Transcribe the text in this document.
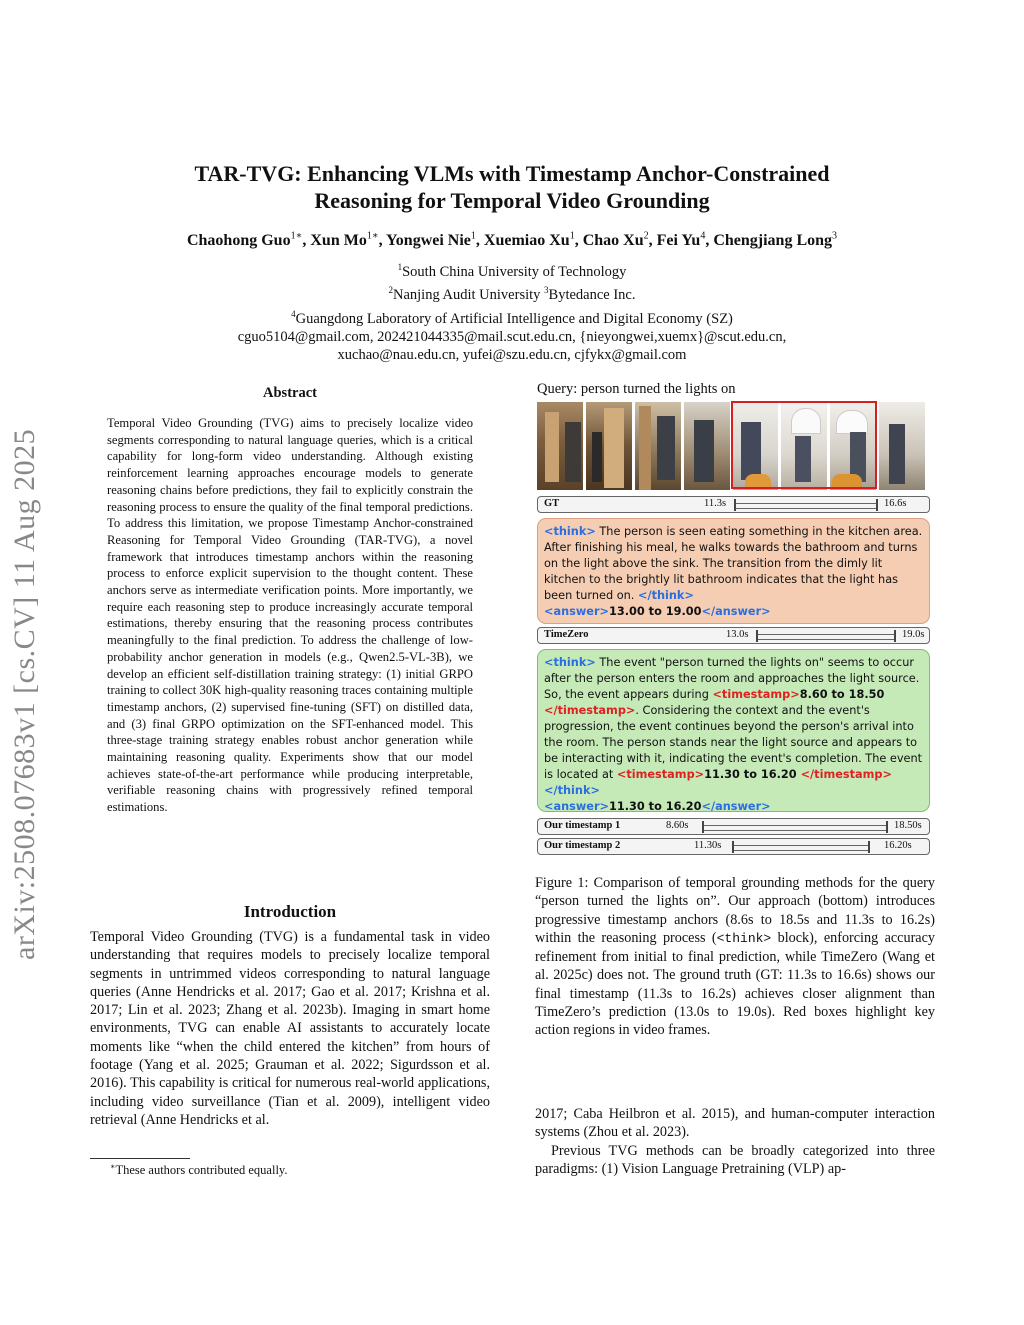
arXiv:2508.07683v1 [cs.CV] 11 Aug 2025
TAR-TVG: Enhancing VLMs with Timestamp Anchor-Constrained
Reasoning for Temporal Video Grounding
Chaohong Guo$^{1∗}$, Xun $Mo^{1∗}$, Yongwei Nie$^1$, Xuemiao Xu$^1$, Chao Xu$^2$, Fei Yu$^4$, Chengjiang Long$^3$
$^1$South China University of Technology
$^2$Nanjing Audit University $^3$Bytedance Inc.
$^4$Guangdong Laboratory of Artificial Intelligence and Digital Economy (SZ)
cguo5104@gmail.com, 202421044335@mail.scut.edu.cn, {nieyongwei,xuemx}@scut.edu.cn,
xuchao@nau.edu.cn, yufei@szu.edu.cn, cjfykx@gmail.com
Abstract
Temporal Video Grounding (TVG) aims to precisely localize video segments corresponding to natural language queries, which is a critical capability for long-form video understanding. Although existing reinforcement learning approaches encourage models to generate reasoning chains before predictions, they fail to explicitly constrain the reasoning process to ensure the quality of the final temporal predictions. To address this limitation, we propose Timestamp Anchor-constrained Reasoning for Temporal Video Grounding (TAR-TVG), a novel framework that introduces timestamp anchors within the reasoning process to enforce explicit supervision to the thought content. These anchors serve as intermediate verification points. More importantly, we require each reasoning step to produce increasingly accurate temporal estimations, thereby ensuring that the reasoning process contributes meaningfully to the final prediction. To address the challenge of low-probability anchor generation in models (e.g., Qwen2.5-VL-3B), we develop an efficient self-distillation training strategy: (1) initial GRPO training to collect 30K high-quality reasoning traces containing multiple timestamp anchors, (2) supervised fine-tuning (SFT) on distilled data, and (3) final GRPO optimization on the SFT-enhanced model. This three-stage training strategy enables robust anchor generation while maintaining reasoning quality. Experiments show that our model achieves state-of-the-art performance while producing interpretable, verifiable reasoning chains with progressively refined temporal estimations.
Introduction
Temporal Video Grounding (TVG) is a fundamental task in video understanding that requires models to precisely localize temporal segments in untrimmed videos corresponding to natural language queries (Anne Hendricks et al. 2017; Gao et al. 2017; Krishna et al. 2017; Lin et al. 2023; Zhang et al. 2023b). Imaging in smart home environments, TVG can enable AI assistants to accurately locate moments like “when the child entered the kitchen” from hours of footage (Yang et al. 2025; Grauman et al. 2022; Sigurdsson et al. 2016). This capability is critical for numerous real-world applications, including video surveillance (Tian et al. 2009), intelligent video retrieval (Anne Hendricks et al.
∗These authors contributed equally.
Query: person turned the lights on
GT	11.3s	16.6s
<think> The person is seen eating something in the kitchen area. After finishing his meal, he walks towards the bathroom and turns on the light above the sink. The transition from the dimly lit kitchen to the brightly lit bathroom indicates that the light has been turned on. </think>
<answer>13.00 to 19.00</answer>
TimeZero	13.0s	19.0s
<think> The event "person turned the lights on" seems to occur after the person enters the room and approaches the light source. So, the event appears during <timestamp>8.60 to 18.50 </timestamp>. Considering the context and the event's progression, the event continues beyond the person's arrival into the room. The person stands near the light source and appears to be interacting with it, indicating the event's completion. The event is located at <timestamp>11.30 to 16.20 </timestamp></think>
<answer>11.30 to 16.20</answer>
Our timestamp 1	8.60s	18.50s
Our timestamp 2	11.30s	16.20s
Figure 1: Comparison of temporal grounding methods for the query “person turned the lights on”. Our approach (bottom) introduces progressive timestamp anchors (8.6s to 18.5s and 11.3s to 16.2s) within the reasoning process (<think> block), enforcing accuracy refinement from initial to final prediction, while TimeZero (Wang et al. 2025c) does not. The ground truth (GT: 11.3s to 16.6s) shows our final timestamp (11.3s to 16.2s) achieves closer alignment than TimeZero’s prediction (13.0s to 19.0s). Red boxes highlight key action regions in video frames.

2017; Caba Heilbron et al. 2015), and human-computer interaction systems (Zhou et al. 2023).

Previous TVG methods can be broadly categorized into three paradigms: (1) Vision Language Pretraining (VLP) ap-
